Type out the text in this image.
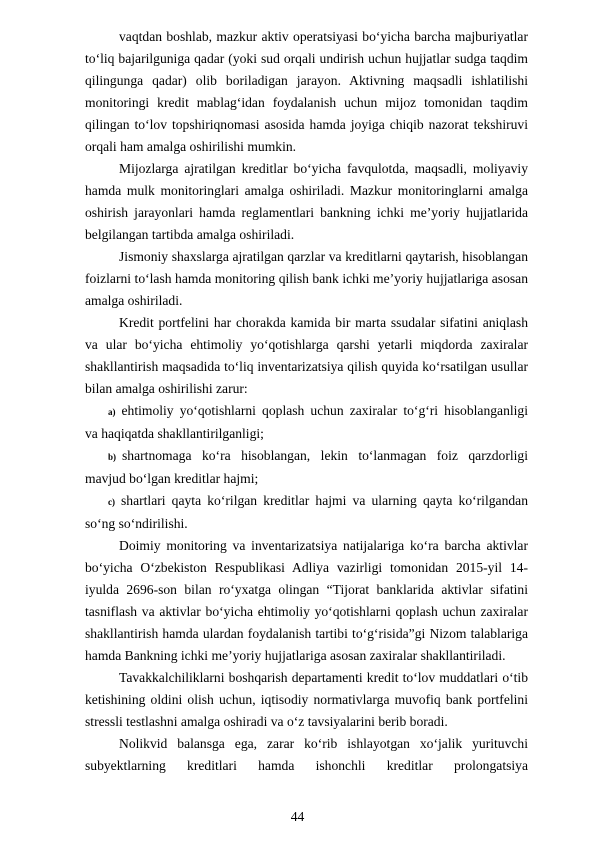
vaqtdan boshlab, mazkur aktiv operatsiyasi bo‘yicha barcha majburiyatlar to‘liq bajarilguniga qadar (yoki sud orqali undirish uchun hujjatlar sudga taqdim qilingunga qadar) olib boriladigan jarayon. Aktivning maqsadli ishlatilishi monitoringi kredit mablag‘idan foydalanish uchun mijoz tomonidan taqdim qilingan to‘lov topshiriqnomasi asosida hamda joyiga chiqib nazorat tekshiruvi orqali ham amalga oshirilishi mumkin.

Mijozlarga ajratilgan kreditlar bo‘yicha favqulotda, maqsadli, moliyaviy hamda mulk monitoringlari amalga oshiriladi. Mazkur monitoringlarni amalga oshirish jarayonlari hamda reglamentlari bankning ichki me’yoriy hujjatlarida belgilangan tartibda amalga oshiriladi.

Jismoniy shaxslarga ajratilgan qarzlar va kreditlarni qaytarish, hisoblangan foizlarni to‘lash hamda monitoring qilish bank ichki me’yoriy hujjatlariga asosan amalga oshiriladi.

Kredit portfelini har chorakda kamida bir marta ssudalar sifatini aniqlash va ular bo‘yicha ehtimoliy yo‘qotishlarga qarshi yetarli miqdorda zaxiralar shakllantirish maqsadida to‘liq inventarizatsiya qilish quyida ko‘rsatilgan usullar bilan amalga oshirilishi zarur:

a) ehtimoliy yo‘qotishlarni qoplash uchun zaxiralar to‘g‘ri hisoblanganligi va haqiqatda shakllantirilganligi;

b) shartnomaga ko‘ra hisoblangan, lekin to‘lanmagan foiz qarzdorligi mavjud bo‘lgan kreditlar hajmi;

c) shartlari qayta ko‘rilgan kreditlar hajmi va ularning qayta ko‘rilgandan so‘ng so‘ndirilishi.

Doimiy monitoring va inventarizatsiya natijalariga ko‘ra barcha aktivlar bo‘yicha O‘zbekiston Respublikasi Adliya vazirligi tomonidan 2015-yil 14-iyulda 2696-son bilan ro‘yxatga olingan “Tijorat banklarida aktivlar sifatini tasniflash va aktivlar bo‘yicha ehtimoliy yo‘qotishlarni qoplash uchun zaxiralar shakllantirish hamda ulardan foydalanish tartibi to‘g‘risida”gi Nizom talablariga hamda Bankning ichki me’yoriy hujjatlariga asosan zaxiralar shakllantiriladi.

Tavakkalchiliklarni boshqarish departamenti kredit to‘lov muddatlari o‘tib ketishining oldini olish uchun, iqtisodiy normativlarga muvofiq bank portfelini stressli testlashni amalga oshiradi va o‘z tavsiyalarini berib boradi.

Nolikvid balansga ega, zarar ko‘rib ishlayotgan xo‘jalik yurituvchi subyektlarning kreditlari hamda ishonchli kreditlar prolongatsiya

44
